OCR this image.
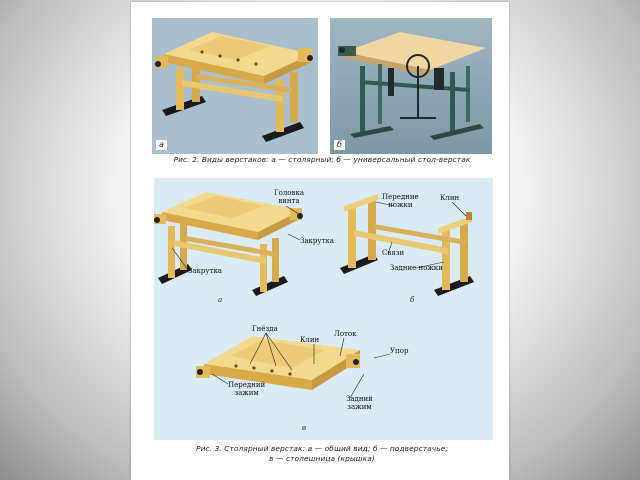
а	б
Рис. 2. Виды верстаков: а — столярный; б — универсальный стол-верстак
Головка
винта
Закрутка
Закрутка
Передние
ножки
Клин
Связи
Задние ножки
а	б
Гнёзда
Клин
Лоток
Упор
Передний
зажим
Задний
зажим
в
Рис. 3. Столярный верстак: а — общий вид; б — подверстачье;
в — столешница (крышка)
